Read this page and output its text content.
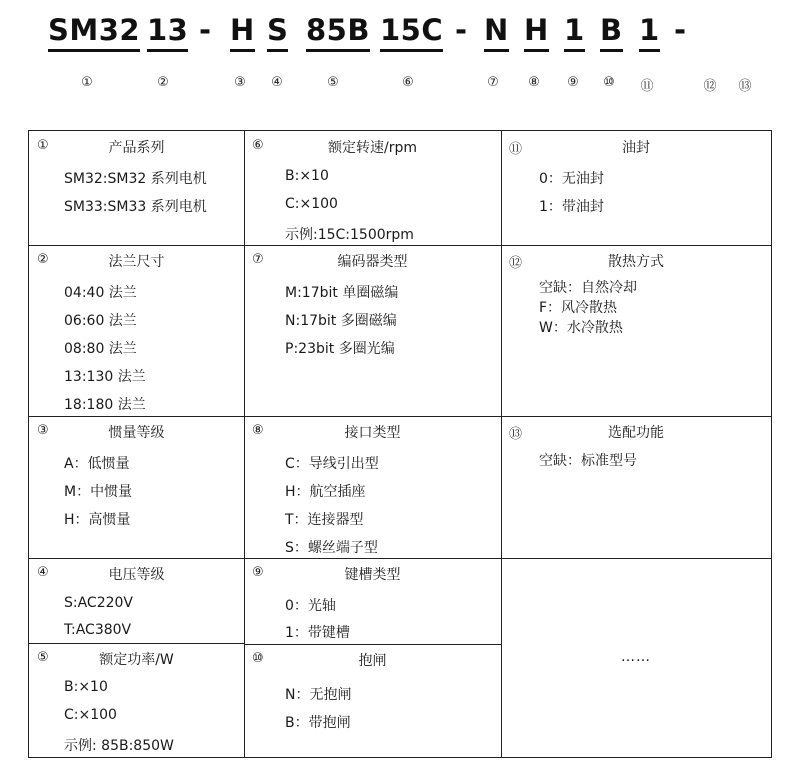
SM32 13 - H S 85B 15C - N H 1 B 1 -
①	②	③	④	⑤	⑥	⑦	⑧	⑨	⑩	⑪	⑫	⑬
①	产品系列
SM32:SM32 系列电机
SM33:SM33 系列电机
②	法兰尺寸
04:40 法兰
06:60 法兰
08:80 法兰
13:130 法兰
18:180 法兰
③	惯量等级
A：低惯量
M：中惯量
H：高惯量
④	电压等级
S:AC220V
T:AC380V
⑤	额定功率/W
B:×10
C:×100
示例: 85B:850W
⑥	额定转速/rpm
B:×10
C:×100
示例:15C:1500rpm
⑦	编码器类型
M:17bit 单圈磁编
N:17bit 多圈磁编
P:23bit 多圈光编
⑧	接口类型
C：导线引出型
H：航空插座
T：连接器型
S：螺丝端子型
⑨	键槽类型
0：光轴
1：带键槽
⑩	抱闸
N：无抱闸
B：带抱闸
⑪	油封
0：无油封
1：带油封
⑫	散热方式
空缺：自然冷却
F：风冷散热
W：水冷散热
⑬	选配功能
空缺：标准型号
……
